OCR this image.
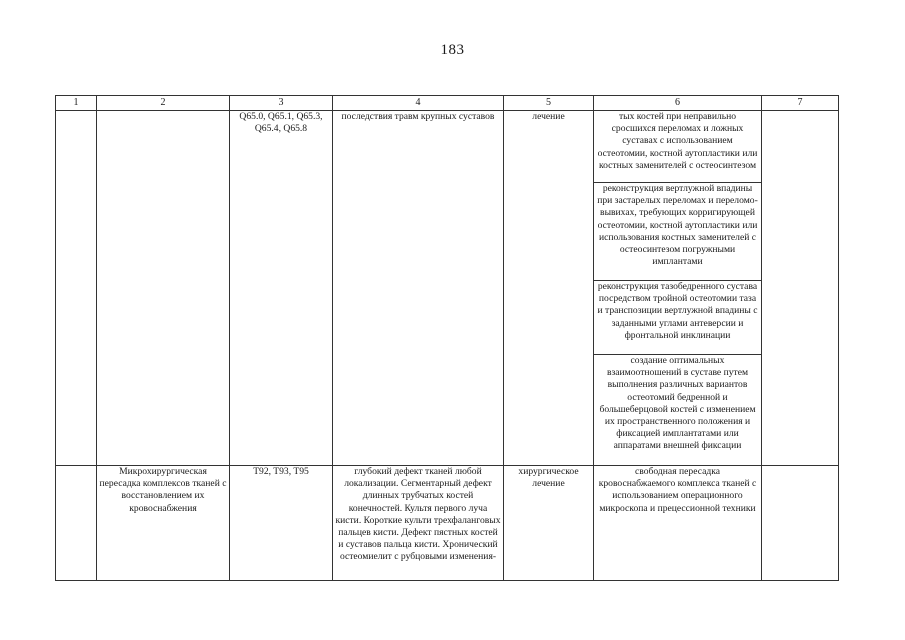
183
1	2	3	4	5	6	7
		Q65.0, Q65.1, Q65.3, Q65.4, Q65.8	последствия травм крупных суставов	лечение	тых костей при неправильно сросшихся переломах и ложных суставах с использованием остеотомии, костной аутопластики или костных заменителей с остеосинтезом	
					реконструкция вертлужной впадины при застарелых переломах и переломо-вывихах, требующих корригирующей остеотомии, костной аутопластики или использования костных заменителей с остеосинтезом погружными имплантами	
					реконструкция тазобедренного сустава посредством тройной остеотомии таза и транспозиции вертлужной впадины с заданными углами антеверсии и фронтальной инклинации	
					создание оптимальных взаимоотношений в суставе путем выполнения различных вариантов остеотомий бедренной и большеберцовой костей с изменением их пространственного положения и фиксацией имплантатами или аппаратами внешней фиксации	
	Микрохирургическая пересадка комплексов тканей с восстановлением их кровоснабжения	T92, T93, T95	глубокий дефект тканей любой локализации. Сегментарный дефект длинных трубчатых костей конечностей. Культя первого луча кисти. Короткие культи трехфаланговых пальцев кисти. Дефект пястных костей и суставов пальца кисти. Хронический остеомиелит с рубцовыми изменения-	хирургическое лечение	свободная пересадка кровоснабжаемого комплекса тканей с использованием операционного микроскопа и прецессионной техники	
